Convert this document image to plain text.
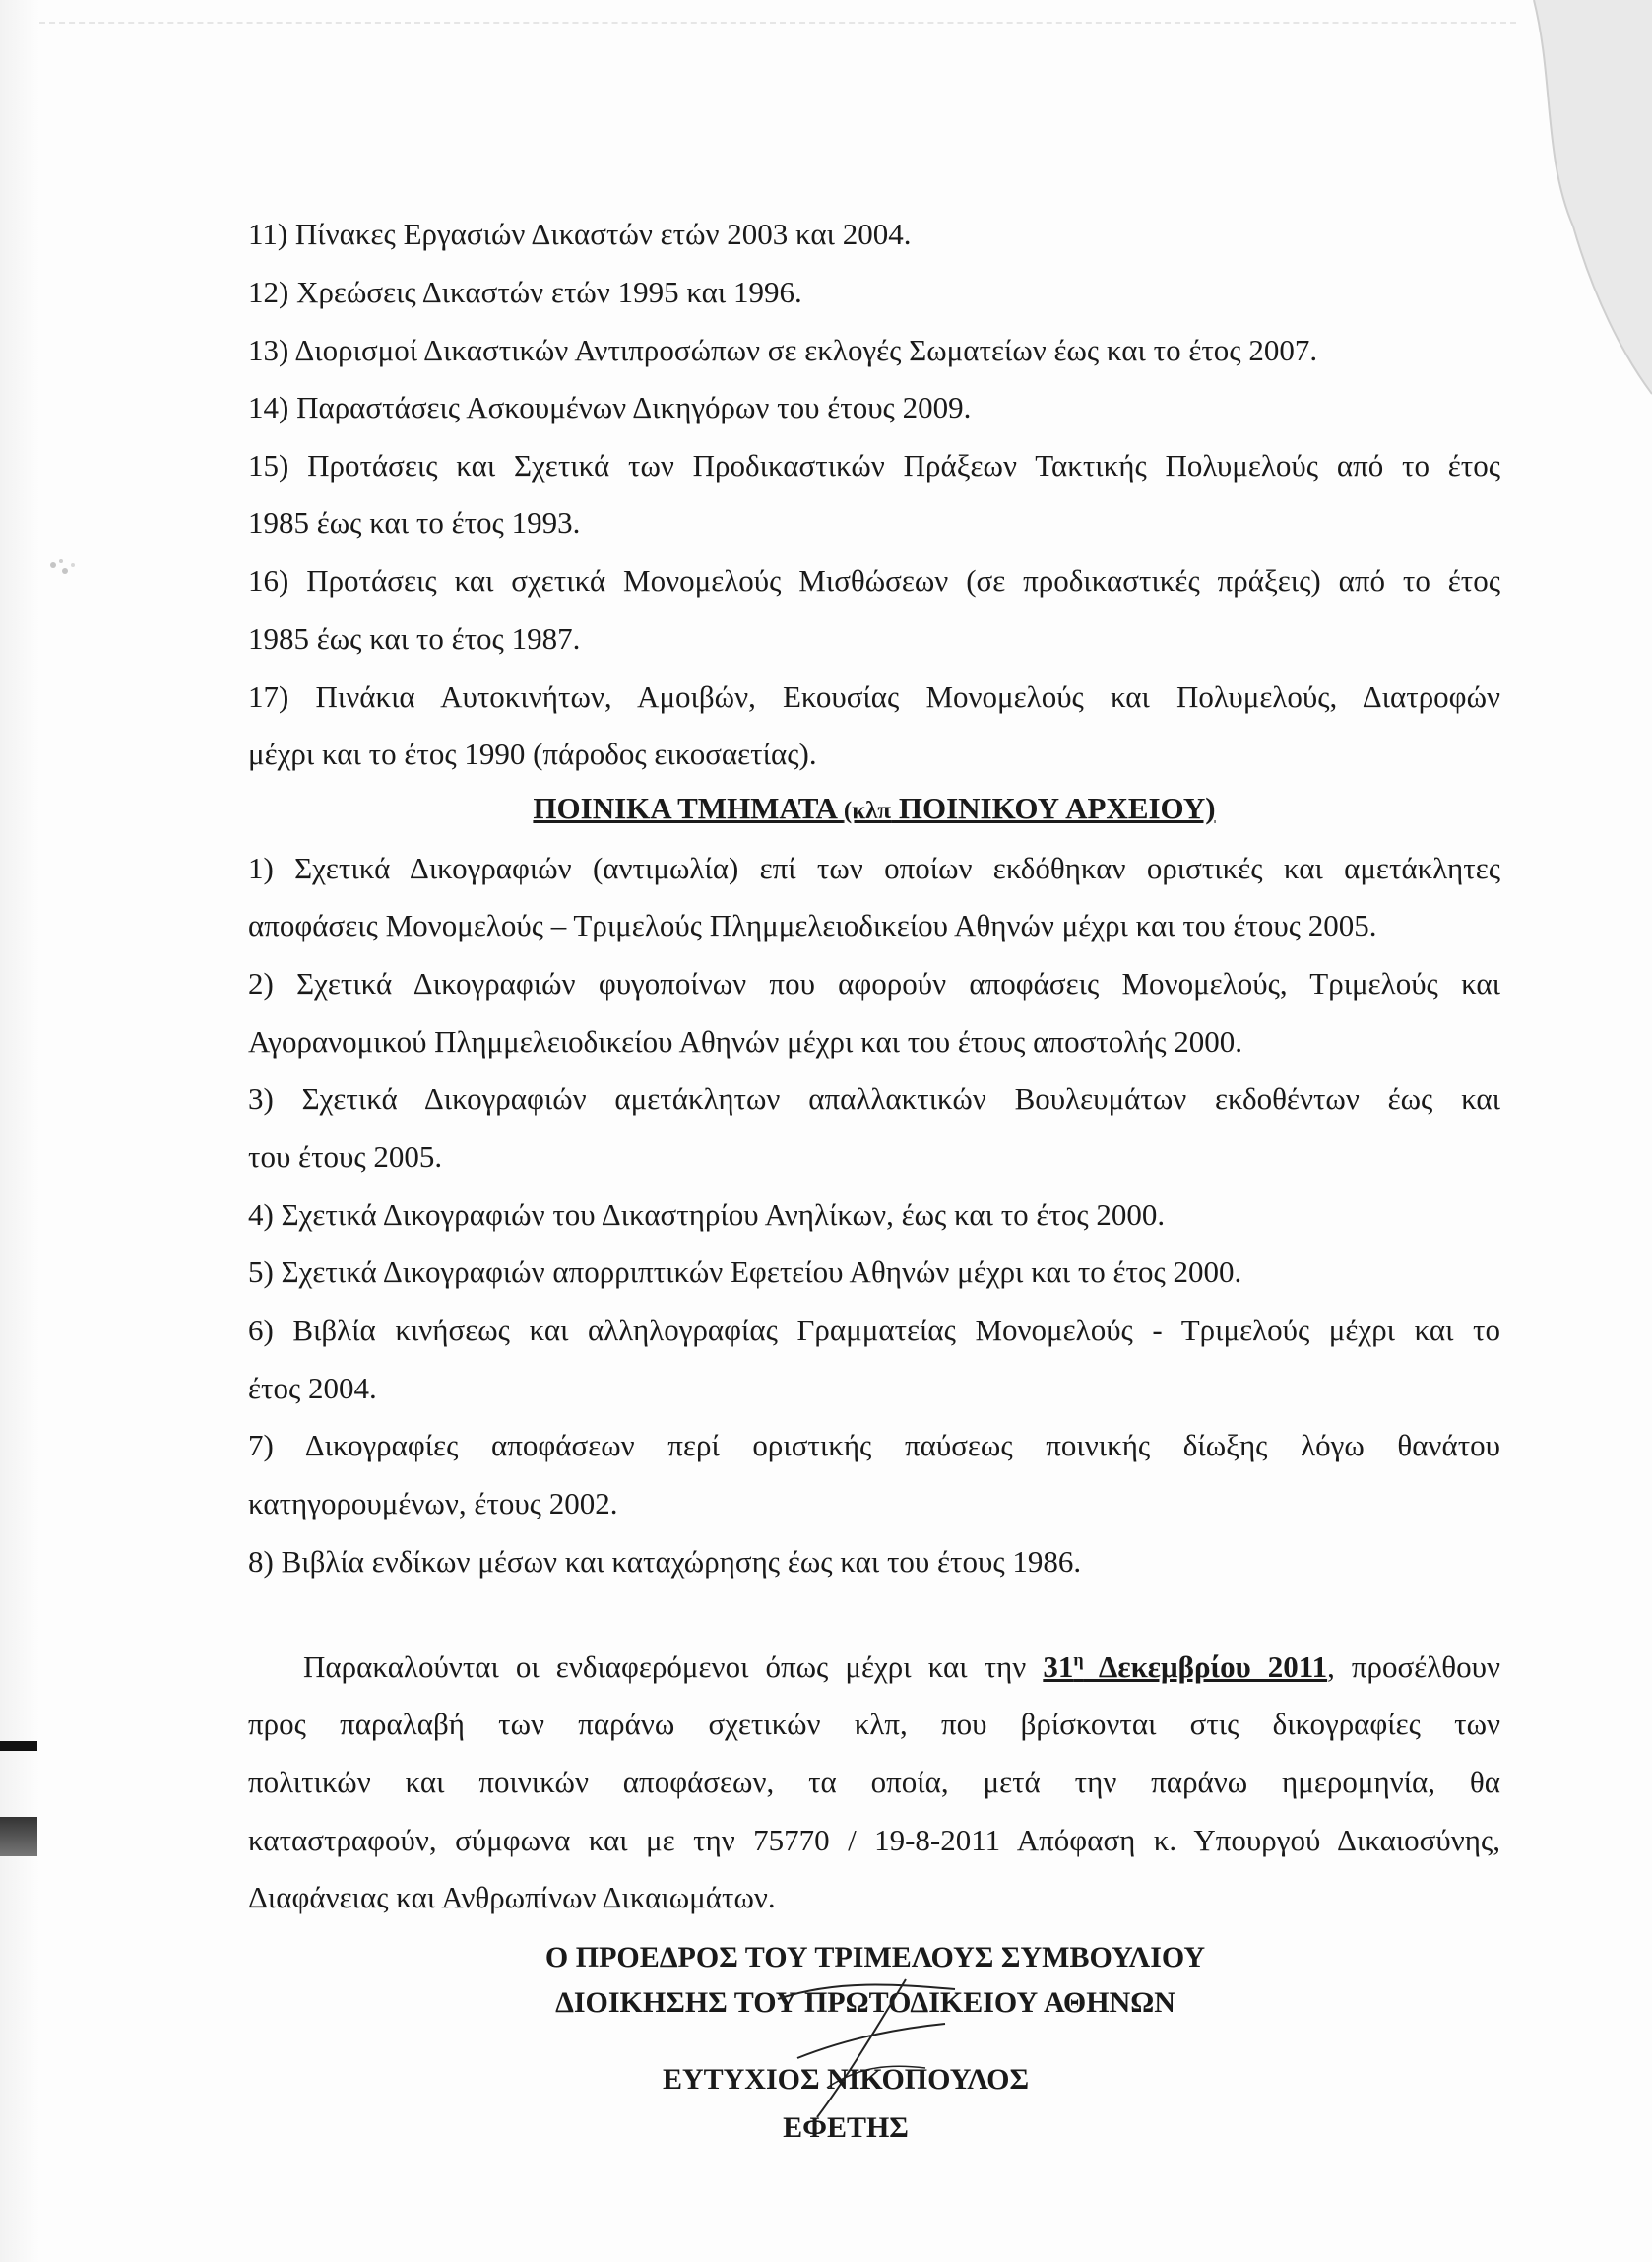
11) Πίνακες Εργασιών Δικαστών ετών 2003 και 2004.
12) Χρεώσεις Δικαστών ετών 1995 και 1996.
13) Διορισμοί Δικαστικών Αντιπροσώπων σε εκλογές Σωματείων έως και το έτος 2007.
14) Παραστάσεις Ασκουμένων Δικηγόρων του έτους 2009.
15) Προτάσεις και Σχετικά των Προδικαστικών Πράξεων Τακτικής Πολυμελούς από το έτος
1985 έως και το έτος 1993.
16) Προτάσεις και σχετικά Μονομελούς Μισθώσεων (σε προδικαστικές πράξεις) από το έτος
1985 έως και το έτος 1987.
17) Πινάκια Αυτοκινήτων, Αμοιβών, Εκουσίας Μονομελούς και Πολυμελούς, Διατροφών
μέχρι και το έτος 1990 (πάροδος εικοσαετίας).
ΠΟΙΝΙΚΑ ΤΜΗΜΑΤΑ (κλπ ΠΟΙΝΙΚΟΥ ΑΡΧΕΙΟΥ)
1) Σχετικά Δικογραφιών (αντιμωλία) επί των οποίων εκδόθηκαν οριστικές και αμετάκλητες
αποφάσεις Μονομελούς – Τριμελούς Πλημμελειοδικείου Αθηνών μέχρι και του έτους 2005.
2) Σχετικά Δικογραφιών φυγοποίνων που αφορούν αποφάσεις Μονομελούς, Τριμελούς και
Αγορανομικού Πλημμελειοδικείου Αθηνών μέχρι και του έτους αποστολής 2000.
3) Σχετικά Δικογραφιών αμετάκλητων απαλλακτικών Βουλευμάτων εκδοθέντων έως και
του έτους 2005.
4) Σχετικά Δικογραφιών του Δικαστηρίου Ανηλίκων, έως και το έτος 2000.
5) Σχετικά Δικογραφιών απορριπτικών Εφετείου Αθηνών μέχρι και το έτος 2000.
6) Βιβλία κινήσεως και αλληλογραφίας Γραμματείας Μονομελούς - Τριμελούς μέχρι και το
έτος 2004.
7) Δικογραφίες αποφάσεων περί οριστικής παύσεως ποινικής δίωξης λόγω θανάτου
κατηγορουμένων, έτους 2002.
8) Βιβλία ενδίκων μέσων και καταχώρησης έως και του έτους 1986.
Παρακαλούνται οι ενδιαφερόμενοι όπως μέχρι και την $31^\eta$ Δεκεμβρίου 2011, προσέλθουν
προς παραλαβή των παράνω σχετικών κλπ, που βρίσκονται στις δικογραφίες των
πολιτικών και ποινικών αποφάσεων, τα οποία, μετά την παράνω ημερομηνία, θα
καταστραφούν, σύμφωνα και με την 75770 / 19-8-2011 Απόφαση κ. Υπουργού Δικαιοσύνης,
Διαφάνειας και Ανθρωπίνων Δικαιωμάτων.
Ο ΠΡΟΕΔΡΟΣ ΤΟΥ ΤΡΙΜΕΛΟΥΣ ΣΥΜΒΟΥΛΙΟΥ
ΔΙΟΙΚΗΣΗΣ ΤΟΥ ΠΡΩΤΟΔΙΚΕΙΟΥ ΑΘΗΝΩΝ
ΕΥΤΥΧΙΟΣ ΝΙΚΟΠΟΥΛΟΣ
ΕΦΕΤΗΣ
